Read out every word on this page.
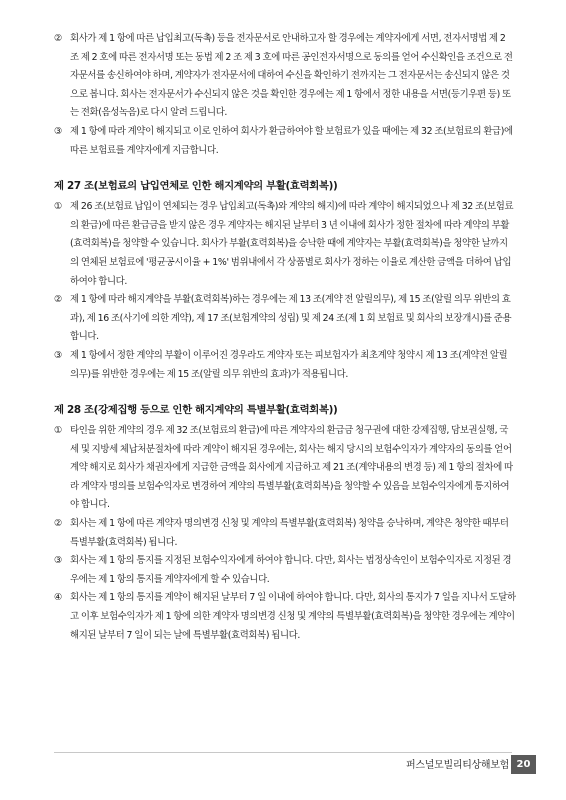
② 회사가 제 1 항에 따른 납입최고(독촉) 등을 전자문서로 안내하고자 할 경우에는 계약자에게 서면, 전자서명법 제 2 조 제 2 호에 따른 전자서명 또는 동법 제 2 조 제 3 호에 따른 공인전자서명으로 동의를 얻어 수신확인을 조건으로 전자문서를 송신하여야 하며, 계약자가 전자문서에 대하여 수신을 확인하기 전까지는 그 전자문서는 송신되지 않은 것으로 봅니다. 회사는 전자문서가 수신되지 않은 것을 확인한 경우에는 제 1 항에서 정한 내용을 서면(등기우편 등) 또는 전화(음성녹음)로 다시 알려 드립니다.
③ 제 1 항에 따라 계약이 해지되고 이로 인하여 회사가 환급하여야 할 보험료가 있을 때에는 제 32 조(보험료의 환급)에 따른 보험료를 계약자에게 지급합니다.
제 27 조(보험료의 납입연체로 인한 해지계약의 부활(효력회복))
① 제 26 조(보험료 납입이 연체되는 경우 납입최고(독촉)와 계약의 해지)에 따라 계약이 해지되었으나 제 32 조(보험료의 환급)에 따른 환급금을 받지 않은 경우 계약자는 해지된 날부터 3 년 이내에 회사가 정한 절차에 따라 계약의 부활(효력회복)을 청약할 수 있습니다. 회사가 부활(효력회복)을 승낙한 때에 계약자는 부활(효력회복)을 청약한 날까지의 연체된 보험료에 '평균공시이율 + 1%' 범위내에서 각 상품별로 회사가 정하는 이율로 계산한 금액을 더하여 납입하여야 합니다.
② 제 1 항에 따라 해지계약을 부활(효력회복)하는 경우에는 제 13 조(계약 전 알릴의무), 제 15 조(알릴 의무 위반의 효과), 제 16 조(사기에 의한 계약), 제 17 조(보험계약의 성립) 및 제 24 조(제 1 회 보험료 및 회사의 보장개시)를 준용합니다.
③ 제 1 항에서 정한 계약의 부활이 이루어진 경우라도 계약자 또는 피보험자가 최초계약 청약시 제 13 조(계약전 알릴 의무)를 위반한 경우에는 제 15 조(알릴 의무 위반의 효과)가 적용됩니다.
제 28 조(강제집행 등으로 인한 해지계약의 특별부활(효력회복))
① 타인을 위한 계약의 경우 제 32 조(보험료의 환급)에 따른 계약자의 환급금 청구권에 대한 강제집행, 담보권실행, 국세 및 지방세 체납처분절차에 따라 계약이 해지된 경우에는, 회사는 해지 당시의 보험수익자가 계약자의 동의를 얻어 계약 해지로 회사가 채권자에게 지급한 금액을 회사에게 지급하고 제 21 조(계약내용의 변경 등) 제 1 항의 절차에 따라 계약자 명의를 보험수익자로 변경하여 계약의 특별부활(효력회복)을 청약할 수 있음을 보험수익자에게 통지하여야 합니다.
② 회사는 제 1 항에 따른 계약자 명의변경 신청 및 계약의 특별부활(효력회복) 청약을 승낙하며, 계약은 청약한 때부터 특별부활(효력회복) 됩니다.
③ 회사는 제 1 항의 통지를 지정된 보험수익자에게 하여야 합니다. 다만, 회사는 법정상속인이 보험수익자로 지정된 경우에는 제 1 항의 통지를 계약자에게 할 수 있습니다.
④ 회사는 제 1 항의 통지를 계약이 해지된 날부터 7 일 이내에 하여야 합니다. 다만, 회사의 통지가 7 일을 지나서 도달하고 이후 보험수익자가 제 1 항에 의한 계약자 명의변경 신청 및 계약의 특별부활(효력회복)을 청약한 경우에는 계약이 해지된 날부터 7 일이 되는 날에 특별부활(효력회복) 됩니다.
퍼스널모빌리티상해보험 20
